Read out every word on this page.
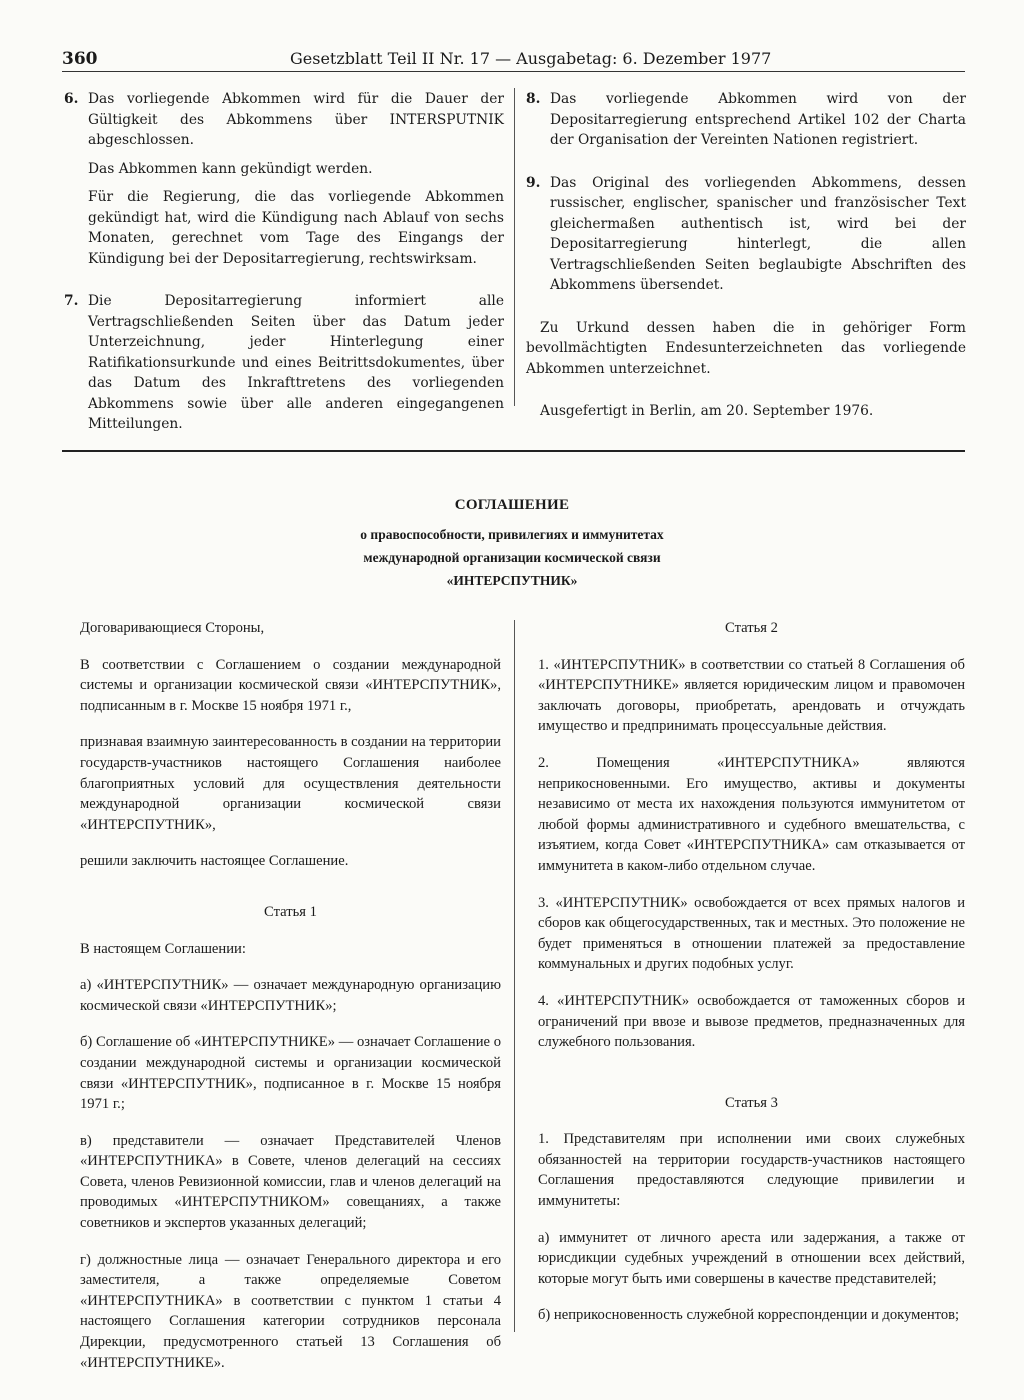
360	Gesetzblatt Teil II Nr. 17 — Ausgabetag: 6. Dezember 1977
6. Das vorliegende Abkommen wird für die Dauer der Gültigkeit des Abkommens über INTERSPUTNIK abgeschlossen.

Das Abkommen kann gekündigt werden.

Für die Regierung, die das vorliegende Abkommen gekündigt hat, wird die Kündigung nach Ablauf von sechs Monaten, gerechnet vom Tage des Eingangs der Kündigung bei der Depositarregierung, rechtswirksam.

7. Die Depositarregierung informiert alle Vertragschließenden Seiten über das Datum jeder Unterzeichnung, jeder Hinterlegung einer Ratifikationsurkunde und eines Beitrittsdokumentes, über das Datum des Inkrafttretens des vorliegenden Abkommens sowie über alle anderen eingegangenen Mitteilungen.

8. Das vorliegende Abkommen wird von der Depositarregierung entsprechend Artikel 102 der Charta der Organisation der Vereinten Nationen registriert.

9. Das Original des vorliegenden Abkommens, dessen russischer, englischer, spanischer und französischer Text gleichermaßen authentisch ist, wird bei der Depositarregierung hinterlegt, die allen Vertragschließenden Seiten beglaubigte Abschriften des Abkommens übersendet.

Zu Urkund dessen haben die in gehöriger Form bevollmächtigten Endesunterzeichneten das vorliegende Abkommen unterzeichnet.

Ausgefertigt in Berlin, am 20. September 1976.

СОГЛАШЕНИЕ
о правоспособности, привилегиях и иммунитетах
международной организации космической связи
«ИНТЕРСПУТНИК»

Договаривающиеся Стороны,

В соответствии с Соглашением о создании международной системы и организации космической связи «ИНТЕРСПУТНИК», подписанным в г. Москве 15 ноября 1971 г.,

признавая взаимную заинтересованность в создании на территории государств-участников настоящего Соглашения наиболее благоприятных условий для осуществления деятельности международной организации космической связи «ИНТЕРСПУТНИК»,

решили заключить настоящее Соглашение.

Статья 1

В настоящем Соглашении:

а) «ИНТЕРСПУТНИК» — означает международную организацию космической связи «ИНТЕРСПУТНИК»;

б) Соглашение об «ИНТЕРСПУТНИКЕ» — означает Соглашение о создании международной системы и организации космической связи «ИНТЕРСПУТНИК», подписанное в г. Москве 15 ноября 1971 г.;

в) представители — означает Представителей Членов «ИНТЕРСПУТНИКА» в Совете, членов делегаций на сессиях Совета, членов Ревизионной комиссии, глав и членов делегаций на проводимых «ИНТЕРСПУТНИКОМ» совещаниях, а также советников и экспертов указанных делегаций;

г) должностные лица — означает Генерального директора и его заместителя, а также определяемые Советом «ИНТЕРСПУТНИКА» в соответствии с пунктом 1 статьи 4 настоящего Соглашения категории сотрудников персонала Дирекции, предусмотренного статьей 13 Соглашения об «ИНТЕРСПУТНИКЕ».

Статья 2

1. «ИНТЕРСПУТНИК» в соответствии со статьей 8 Соглашения об «ИНТЕРСПУТНИКЕ» является юридическим лицом и правомочен заключать договоры, приобретать, арендовать и отчуждать имущество и предпринимать процессуальные действия.

2. Помещения «ИНТЕРСПУТНИКА» являются неприкосновенными. Его имущество, активы и документы независимо от места их нахождения пользуются иммунитетом от любой формы административного и судебного вмешательства, с изъятием, когда Совет «ИНТЕРСПУТНИКА» сам отказывается от иммунитета в каком-либо отдельном случае.

3. «ИНТЕРСПУТНИК» освобождается от всех прямых налогов и сборов как общегосударственных, так и местных. Это положение не будет применяться в отношении платежей за предоставление коммунальных и других подобных услуг.

4. «ИНТЕРСПУТНИК» освобождается от таможенных сборов и ограничений при ввозе и вывозе предметов, предназначенных для служебного пользования.

Статья 3

1. Представителям при исполнении ими своих служебных обязанностей на территории государств-участников настоящего Соглашения предоставляются следующие привилегии и иммунитеты:

а) иммунитет от личного ареста или задержания, а также от юрисдикции судебных учреждений в отношении всех действий, которые могут быть ими совершены в качестве представителей;

б) неприкосновенность служебной корреспонденции и документов;
